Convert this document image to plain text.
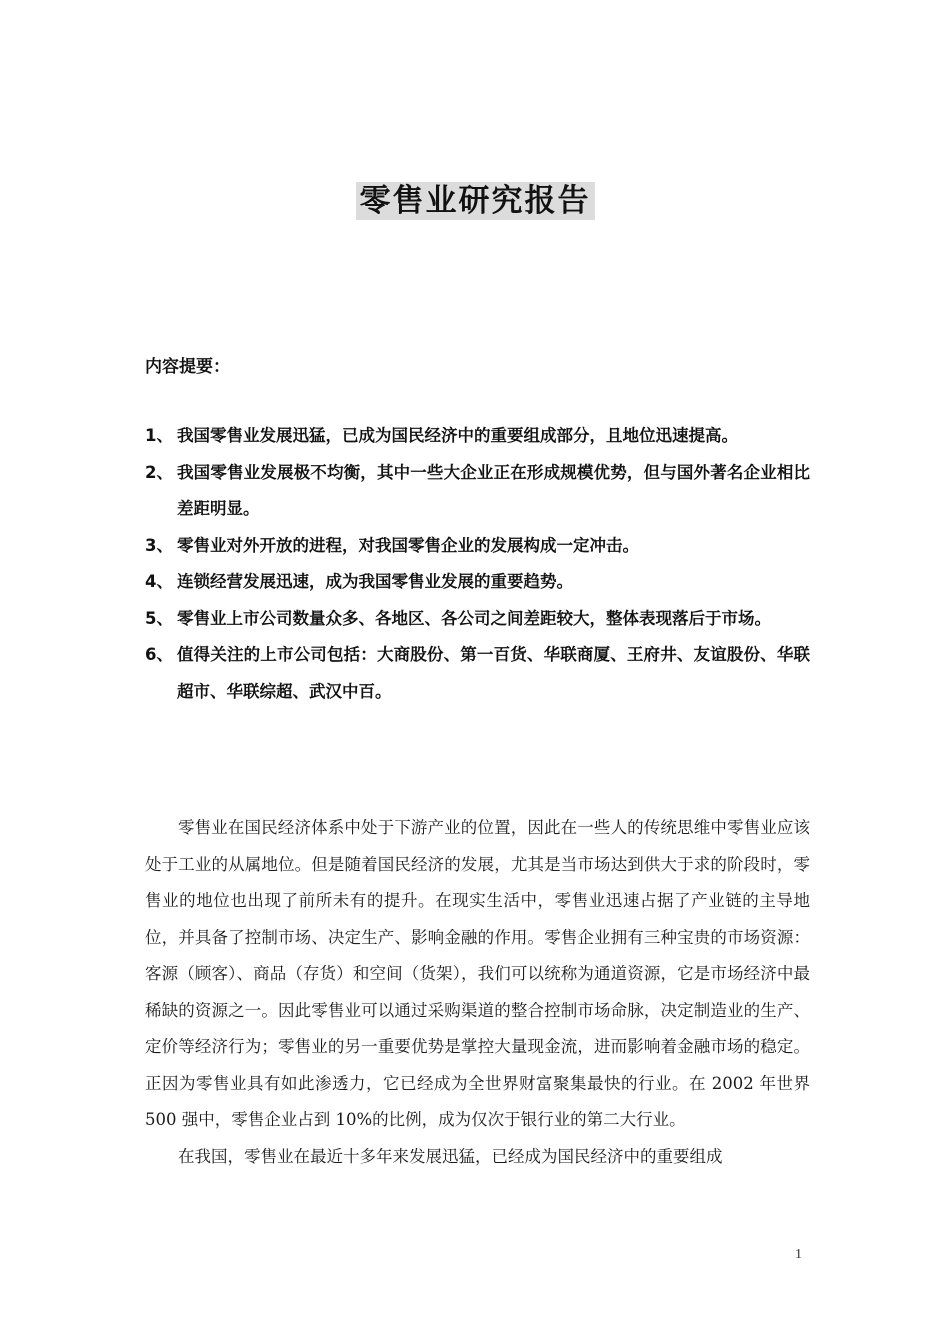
零售业研究报告
内容提要：
1、 我国零售业发展迅猛，已成为国民经济中的重要组成部分，且地位迅速提高。
2、 我国零售业发展极不均衡，其中一些大企业正在形成规模优势，但与国外著名企业相比差距明显。
3、 零售业对外开放的进程，对我国零售企业的发展构成一定冲击。
4、 连锁经营发展迅速，成为我国零售业发展的重要趋势。
5、 零售业上市公司数量众多、各地区、各公司之间差距较大，整体表现落后于市场。
6、 值得关注的上市公司包括：大商股份、第一百货、华联商厦、王府井、友谊股份、华联超市、华联综超、武汉中百。

零售业在国民经济体系中处于下游产业的位置，因此在一些人的传统思维中零售业应该处于工业的从属地位。但是随着国民经济的发展，尤其是当市场达到供大于求的阶段时，零售业的地位也出现了前所未有的提升。在现实生活中，零售业迅速占据了产业链的主导地位，并具备了控制市场、决定生产、影响金融的作用。零售企业拥有三种宝贵的市场资源：客源（顾客）、商品（存货）和空间（货架），我们可以统称为通道资源，它是市场经济中最稀缺的资源之一。因此零售业可以通过采购渠道的整合控制市场命脉，决定制造业的生产、定价等经济行为；零售业的另一重要优势是掌控大量现金流，进而影响着金融市场的稳定。正因为零售业具有如此渗透力，它已经成为全世界财富聚集最快的行业。在 2002 年世界 500 强中，零售企业占到 10%的比例，成为仅次于银行业的第二大行业。

在我国，零售业在最近十多年来发展迅猛，已经成为国民经济中的重要组成

1
